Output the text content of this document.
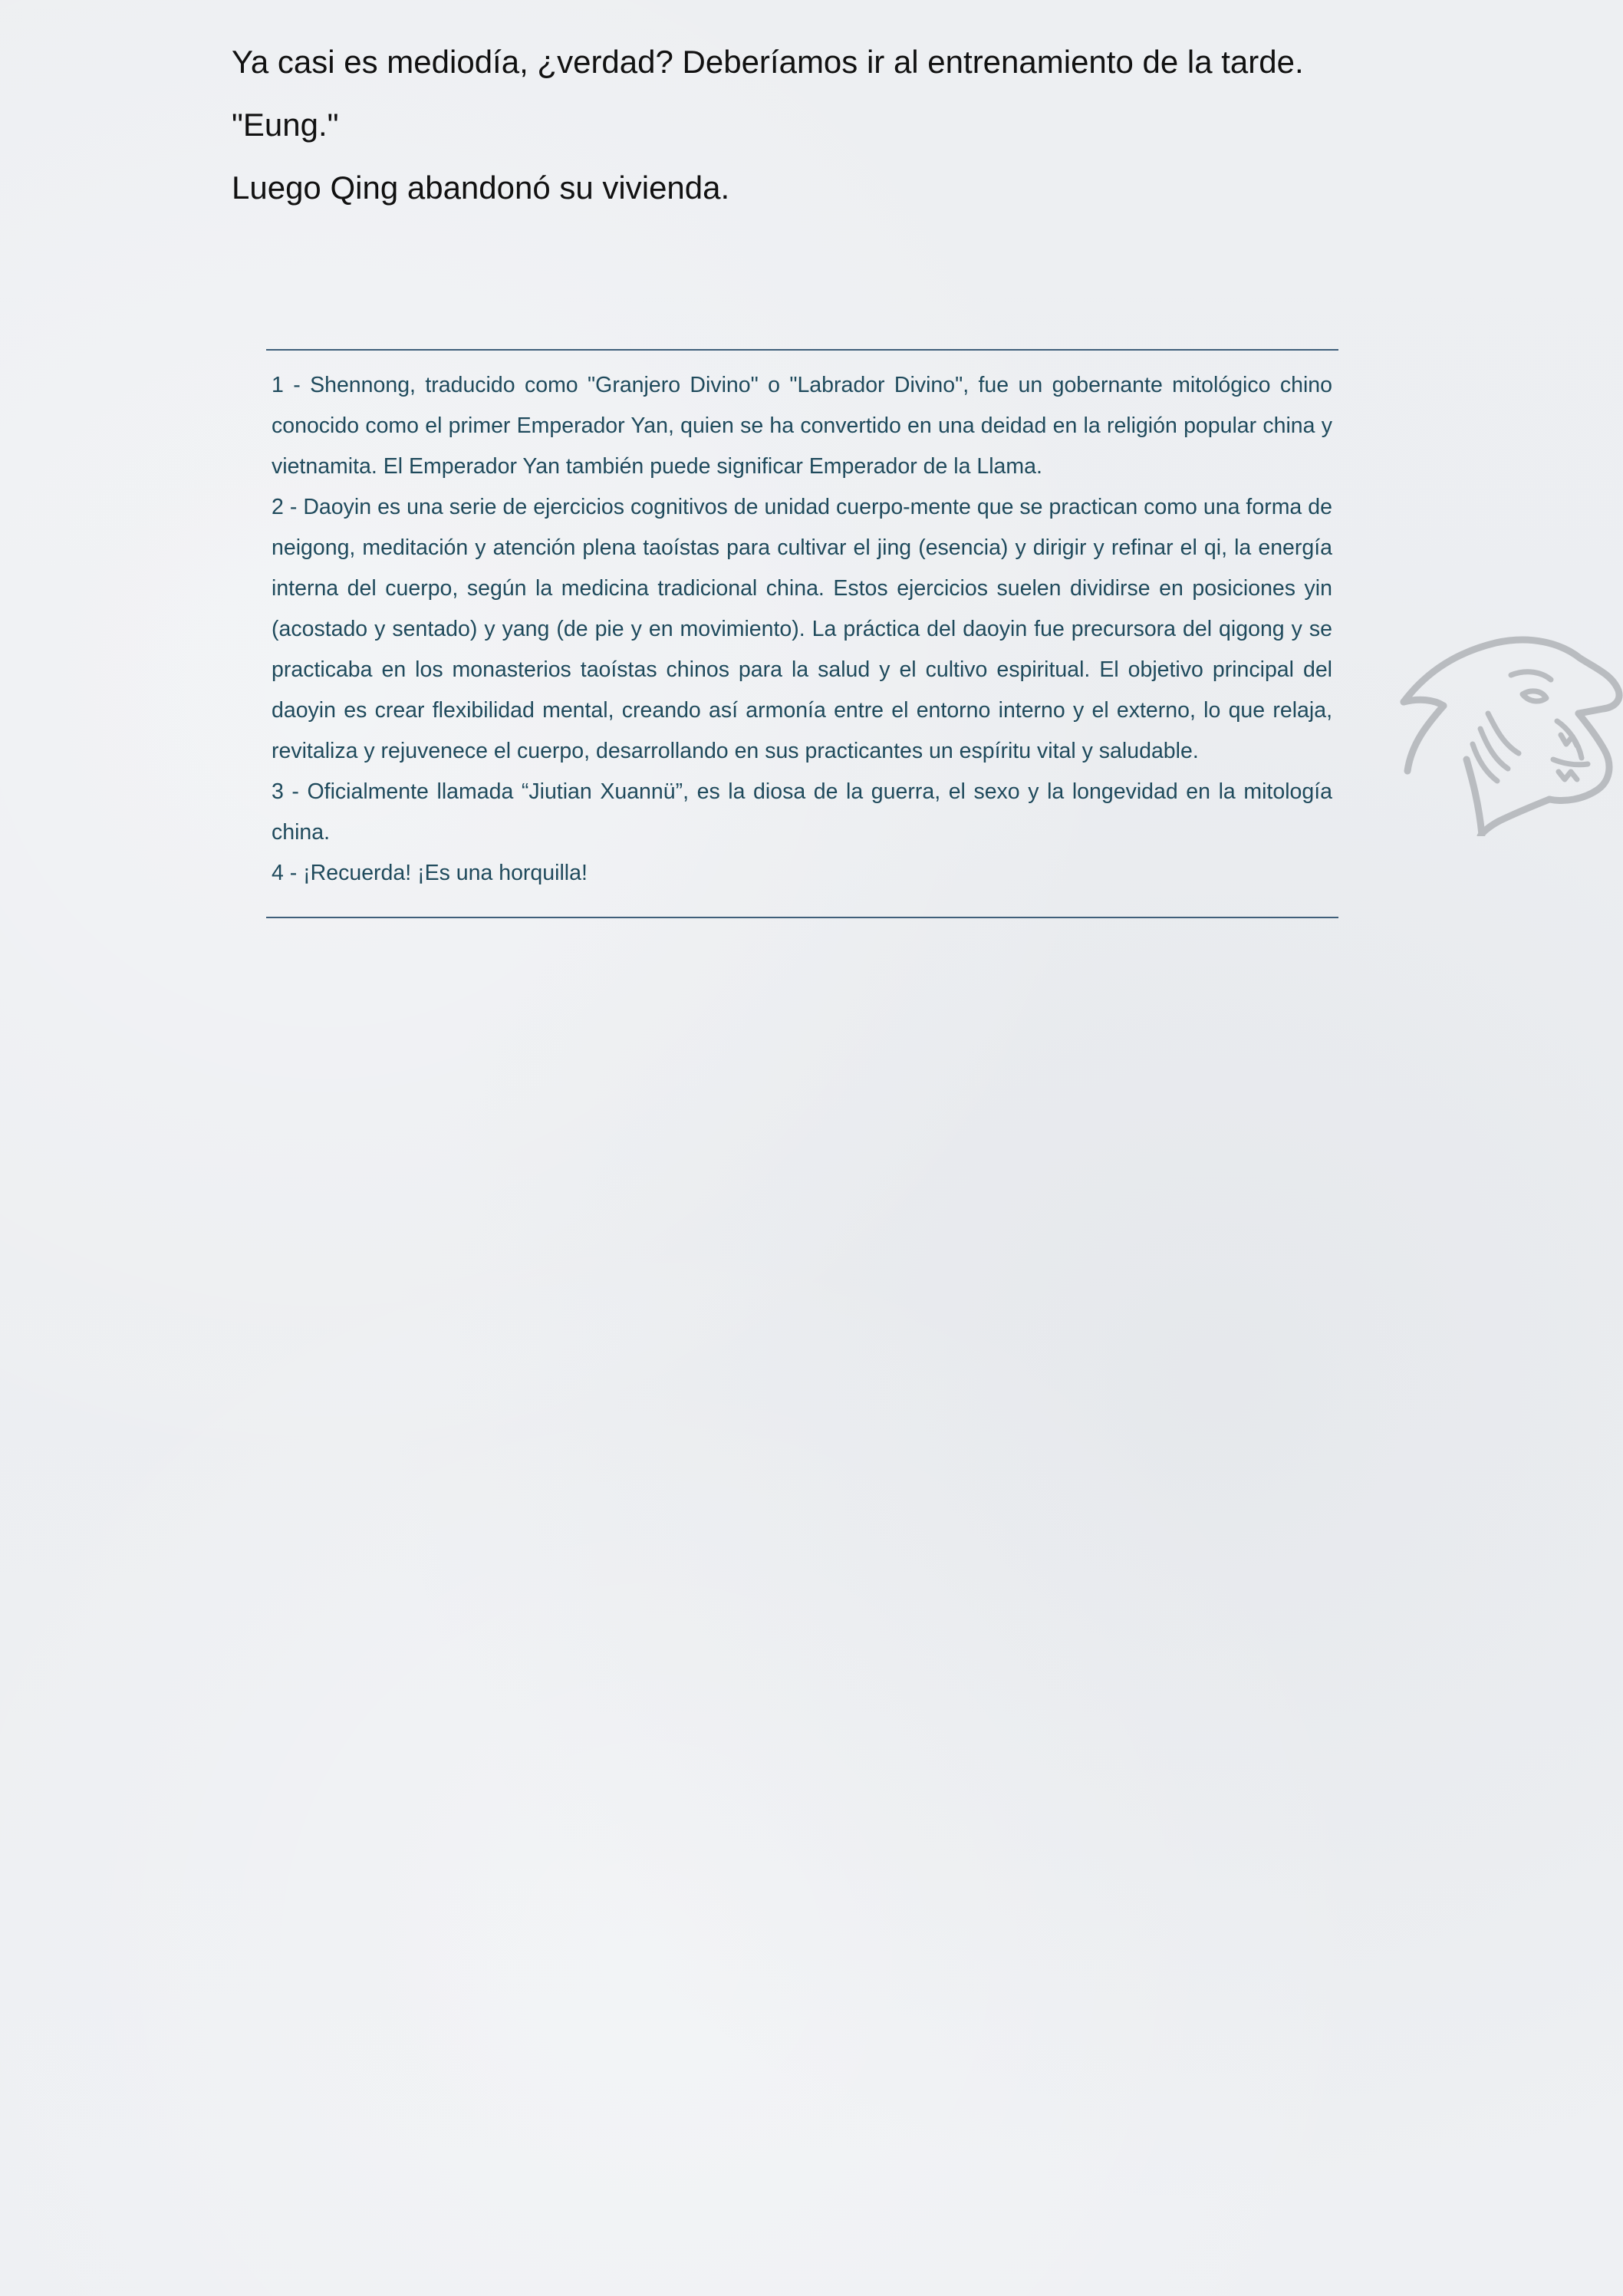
Ya casi es mediodía, ¿verdad? Deberíamos ir al entrenamiento de la tarde.

"Eung."

Luego Qing abandonó su vivienda.

1 - Shennong, traducido como "Granjero Divino" o "Labrador Divino", fue un gobernante mitológico chino conocido como el primer Emperador Yan, quien se ha convertido en una deidad en la religión popular china y vietnamita. El Emperador Yan también puede significar Emperador de la Llama.

2 - Daoyin es una serie de ejercicios cognitivos de unidad cuerpo-mente que se practican como una forma de neigong, meditación y atención plena taoístas para cultivar el jing (esencia) y dirigir y refinar el qi, la energía interna del cuerpo, según la medicina tradicional china. Estos ejercicios suelen dividirse en posiciones yin (acostado y sentado) y yang (de pie y en movimiento). La práctica del daoyin fue precursora del qigong y se practicaba en los monasterios taoístas chinos para la salud y el cultivo espiritual. El objetivo principal del daoyin es crear flexibilidad mental, creando así armonía entre el entorno interno y el externo, lo que relaja, revitaliza y rejuvenece el cuerpo, desarrollando en sus practicantes un espíritu vital y saludable.

3 - Oficialmente llamada “Jiutian Xuannü”, es la diosa de la guerra, el sexo y la longevidad en la mitología china.

4 - ¡Recuerda! ¡Es una horquilla!
